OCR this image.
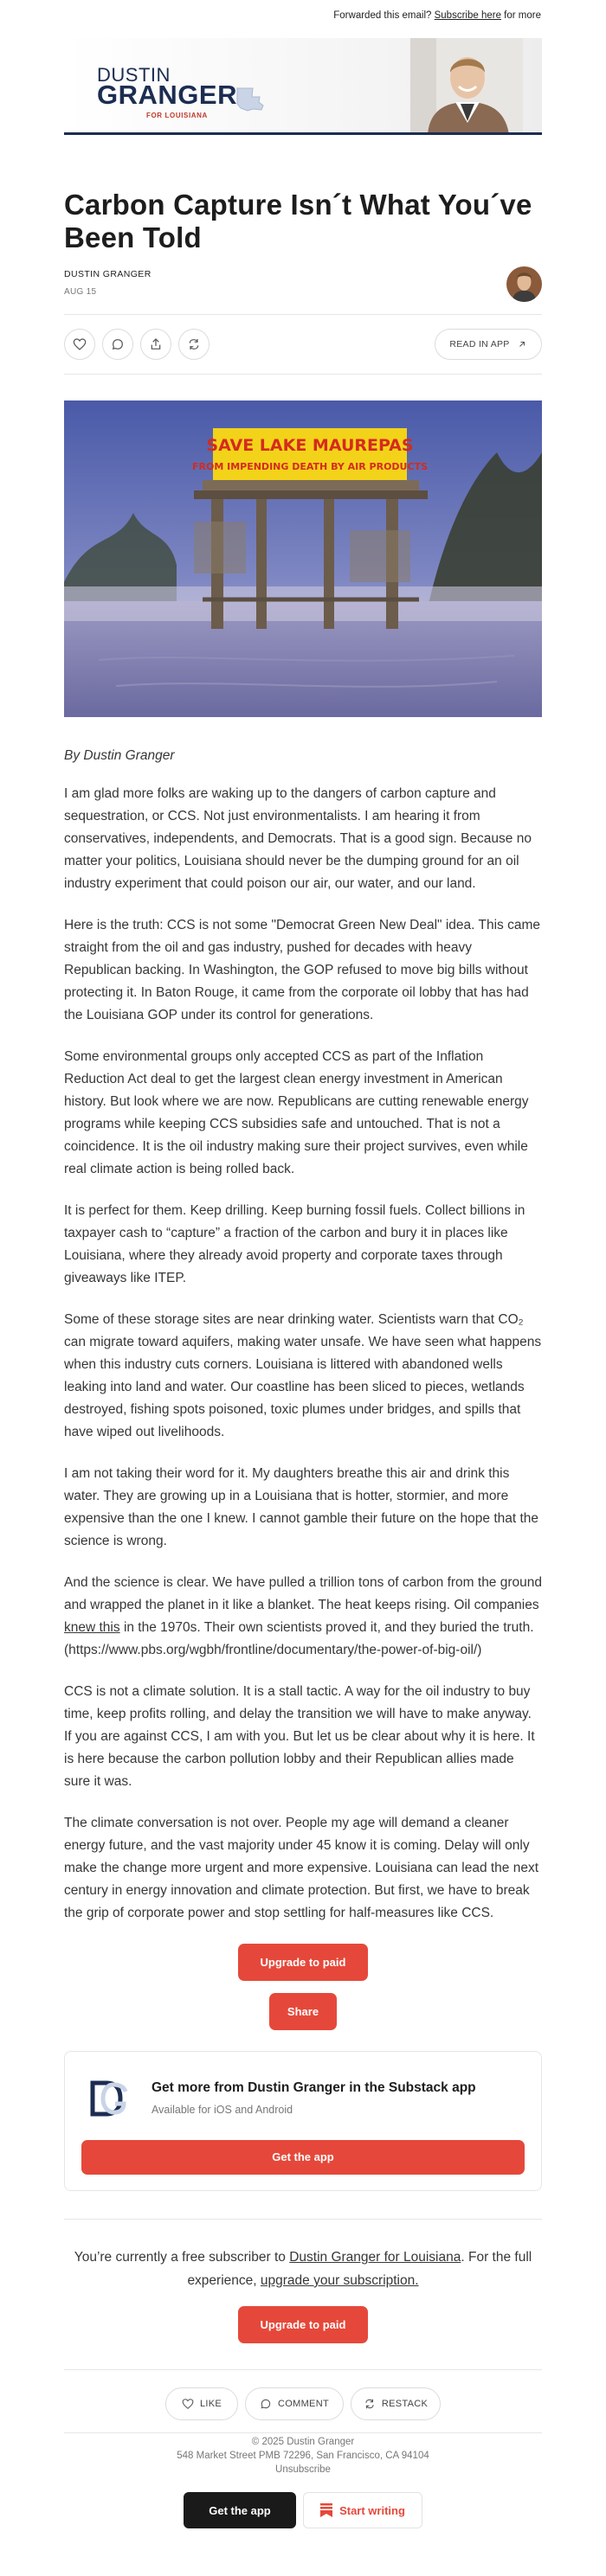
Forwarded this email? Subscribe here for more
DUSTIN
GRANGER
FOR LOUISIANA
Carbon Capture Isn´t What You´ve Been Told
DUSTIN GRANGER
AUG 15
READ IN APP
SAVE LAKE MAUREPAS
FROM IMPENDING DEATH BY AIR PRODUCTS
By Dustin Granger

I am glad more folks are waking up to the dangers of carbon capture and sequestration, or CCS. Not just environmentalists. I am hearing it from conservatives, independents, and Democrats. That is a good sign. Because no matter your politics, Louisiana should never be the dumping ground for an oil industry experiment that could poison our air, our water, and our land.

Here is the truth: CCS is not some "Democrat Green New Deal" idea. This came straight from the oil and gas industry, pushed for decades with heavy Republican backing. In Washington, the GOP refused to move big bills without protecting it. In Baton Rouge, it came from the corporate oil lobby that has had the Louisiana GOP under its control for generations.

Some environmental groups only accepted CCS as part of the Inflation Reduction Act deal to get the largest clean energy investment in American history. But look where we are now. Republicans are cutting renewable energy programs while keeping CCS subsidies safe and untouched. That is not a coincidence. It is the oil industry making sure their project survives, even while real climate action is being rolled back.

It is perfect for them. Keep drilling. Keep burning fossil fuels. Collect billions in taxpayer cash to “capture” a fraction of the carbon and bury it in places like Louisiana, where they already avoid property and corporate taxes through giveaways like ITEP.

Some of these storage sites are near drinking water. Scientists warn that CO₂ can migrate toward aquifers, making water unsafe. We have seen what happens when this industry cuts corners. Louisiana is littered with abandoned wells leaking into land and water. Our coastline has been sliced to pieces, wetlands destroyed, fishing spots poisoned, toxic plumes under bridges, and spills that have wiped out livelihoods.

I am not taking their word for it. My daughters breathe this air and drink this water. They are growing up in a Louisiana that is hotter, stormier, and more expensive than the one I knew. I cannot gamble their future on the hope that the science is wrong.

And the science is clear. We have pulled a trillion tons of carbon from the ground and wrapped the planet in it like a blanket. The heat keeps rising. Oil companies knew this in the 1970s. Their own scientists proved it, and they buried the truth. (https://www.pbs.org/wgbh/frontline/documentary/the-power-of-big-oil/)

CCS is not a climate solution. It is a stall tactic. A way for the oil industry to buy time, keep profits rolling, and delay the transition we will have to make anyway. If you are against CCS, I am with you. But let us be clear about why it is here. It is here because the carbon pollution lobby and their Republican allies made sure it was.

The climate conversation is not over. People my age will demand a cleaner energy future, and the vast majority under 45 know it is coming. Delay will only make the change more urgent and more expensive. Louisiana can lead the next century in energy innovation and climate protection. But first, we have to break the grip of corporate power and stop settling for half-measures like CCS.

Upgrade to paid
Share
Get more from Dustin Granger in the Substack app
Available for iOS and Android
Get the app

You’re currently a free subscriber to Dustin Granger for Louisiana. For the full experience, upgrade your subscription.

Upgrade to paid
LIKE	COMMENT	RESTACK
© 2025 Dustin Granger
548 Market Street PMB 72296, San Francisco, CA 94104
Unsubscribe
Get the app	Start writing
